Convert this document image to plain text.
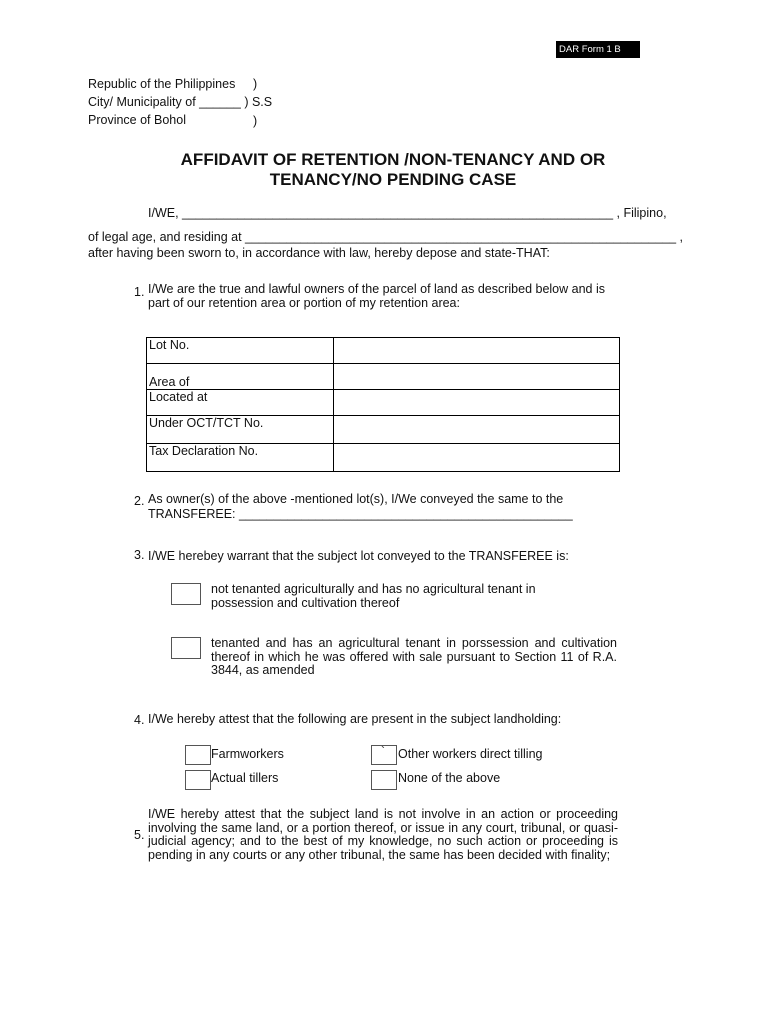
DAR Form 1 B
Republic of the Philippines )
City/ Municipality of ______ ) S.S
Province of Bohol	)
AFFIDAVIT OF RETENTION /NON-TENANCY AND OR
TENANCY/NO PENDING CASE
I/WE, ______________________________________________________________ , Filipino,
of legal age, and residing at ______________________________________________________________ ,
after having been sworn to, in accordance with law, hereby depose and state-THAT:
1. I/We are the true and lawful owners of the parcel of land as described below and is part of our retention area or portion of my retention area:
Lot No.	
Area of	
Located at	
Under OCT/TCT No.	
Tax Declaration No.	
2. As owner(s) of the above -mentioned lot(s), I/We conveyed the same to the
TRANSFEREE: ________________________________________________
3. I/WE herebey warrant that the subject lot conveyed to the TRANSFEREE is:
not tenanted agriculturally and has no agricultural tenant in possession and cultivation thereof
tenanted and has an agricultural tenant in porssession and cultivation thereof in which he was offered with sale pursuant to Section 11 of R.A. 3844, as amended
4. I/We hereby attest that the following are present in the subject landholding:
Farmworkers	` Other workers direct tilling
Actual tillers	None of the above
5.
I/WE hereby attest that the subject land is not involve in an action or proceeding involving the same land, or a portion thereof, or issue in any court, tribunal, or quasi-judicial agency; and to the best of my knowledge, no such action or proceeding is pending in any courts or any other tribunal, the same has been decided with finality;
